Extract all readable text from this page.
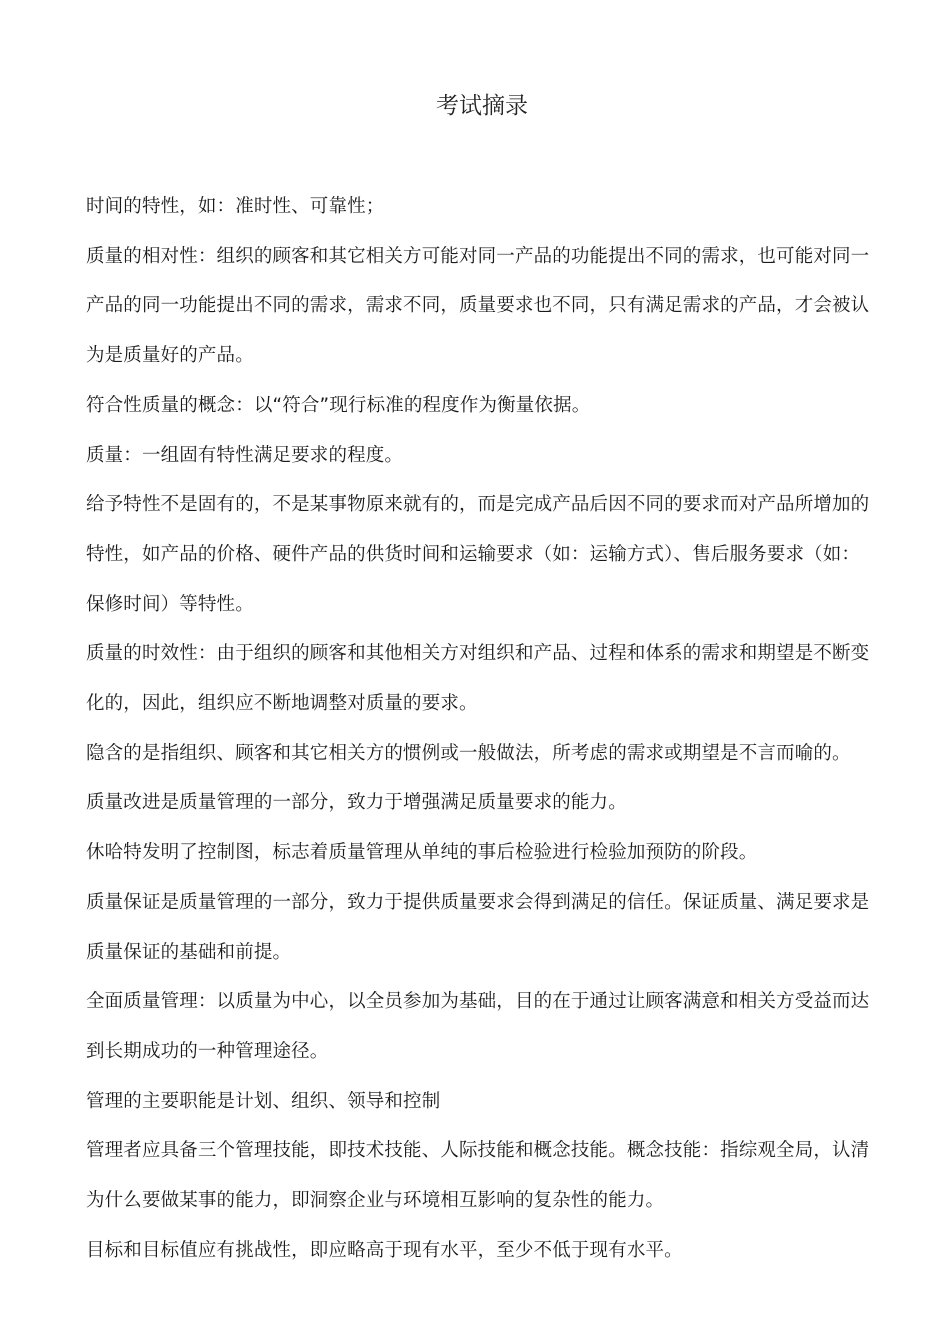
考试摘录

时间的特性，如：准时性、可靠性；

质量的相对性：组织的顾客和其它相关方可能对同一产品的功能提出不同的需求，也可能对同一产品的同一功能提出不同的需求，需求不同，质量要求也不同，只有满足需求的产品，才会被认为是质量好的产品。

符合性质量的概念：以“符合”现行标准的程度作为衡量依据。

质量：一组固有特性满足要求的程度。

给予特性不是固有的，不是某事物原来就有的，而是完成产品后因不同的要求而对产品所增加的特性，如产品的价格、硬件产品的供货时间和运输要求（如：运输方式）、售后服务要求（如：保修时间）等特性。

质量的时效性：由于组织的顾客和其他相关方对组织和产品、过程和体系的需求和期望是不断变化的，因此，组织应不断地调整对质量的要求。

隐含的是指组织、顾客和其它相关方的惯例或一般做法，所考虑的需求或期望是不言而喻的。

质量改进是质量管理的一部分，致力于增强满足质量要求的能力。

休哈特发明了控制图，标志着质量管理从单纯的事后检验进行检验加预防的阶段。

质量保证是质量管理的一部分，致力于提供质量要求会得到满足的信任。保证质量、满足要求是质量保证的基础和前提。

全面质量管理：以质量为中心，以全员参加为基础，目的在于通过让顾客满意和相关方受益而达到长期成功的一种管理途径。

管理的主要职能是计划、组织、领导和控制

管理者应具备三个管理技能，即技术技能、人际技能和概念技能。概念技能：指综观全局，认清为什么要做某事的能力，即洞察企业与环境相互影响的复杂性的能力。

目标和目标值应有挑战性，即应略高于现有水平，至少不低于现有水平。
